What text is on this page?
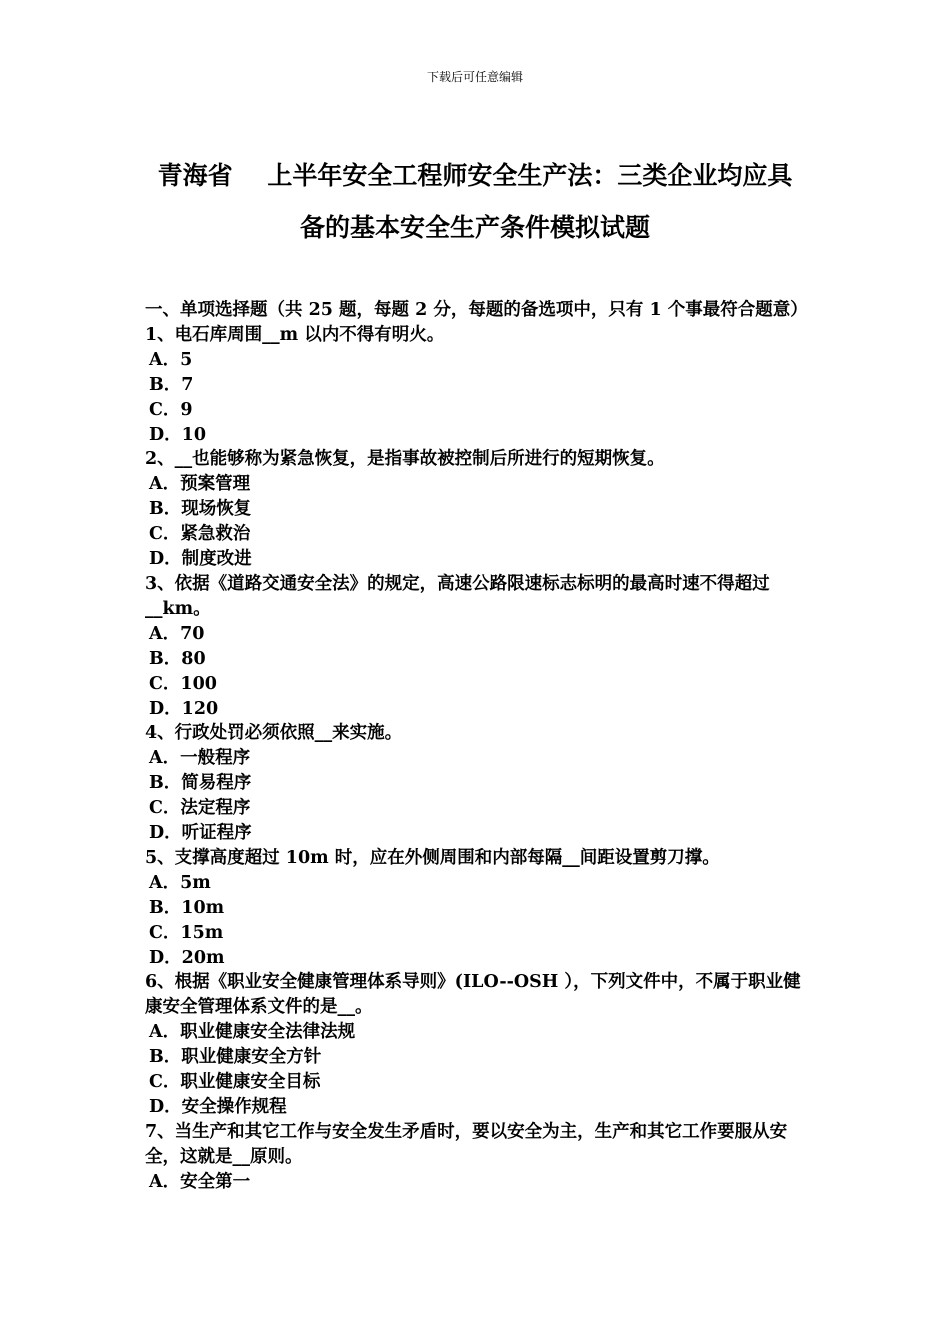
下载后可任意编辑
青海省    上半年安全工程师安全生产法：三类企业均应具
备的基本安全生产条件模拟试题

一、单项选择题（共 25 题，每题 2 分，每题的备选项中，只有 1 个事最符合题意）

1、电石库周围__m 以内不得有明火。

A．5

B．7

C．9

D．10

2、__也能够称为紧急恢复，是指事故被控制后所进行的短期恢复。

A．预案管理

B．现场恢复

C．紧急救治

D．制度改进

3、依据《道路交通安全法》的规定，高速公路限速标志标明的最高时速不得超过__km。

A．70

B．80

C．100

D．120

4、行政处罚必须依照__来实施。

A．一般程序

B．简易程序

C．法定程序

D．听证程序

5、支撑高度超过 10m 时，应在外侧周围和内部每隔__间距设置剪刀撑。

A．5m

B．10m

C．15m

D．20m

6、根据《职业安全健康管理体系导则》(ILO--OSH ），下列文件中，不属于职业健康安全管理体系文件的是__。

A．职业健康安全法律法规

B．职业健康安全方针

C．职业健康安全目标

D．安全操作规程

7、当生产和其它工作与安全发生矛盾时，要以安全为主，生产和其它工作要服从安全，这就是__原则。

A．安全第一
